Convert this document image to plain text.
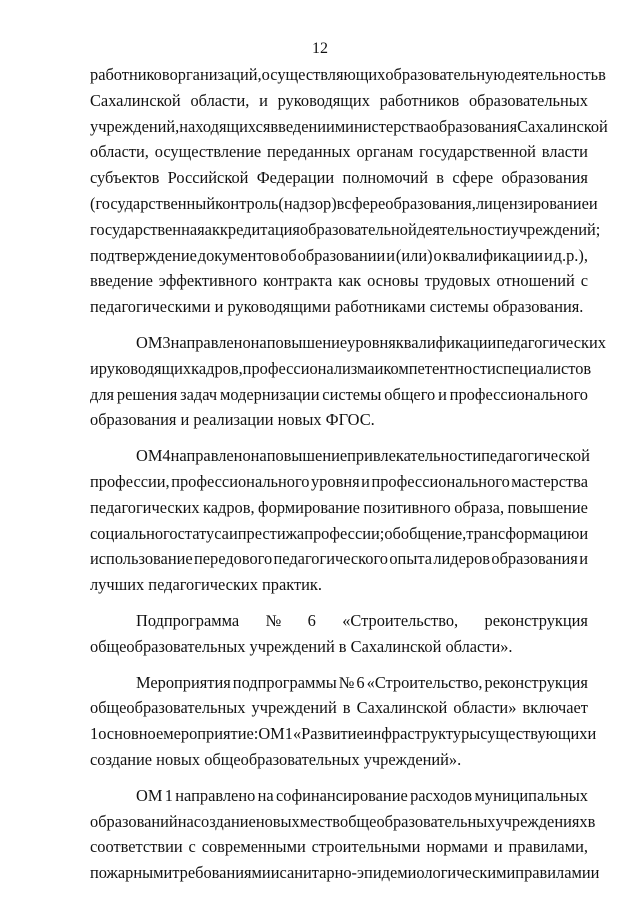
12
работников организаций, осуществляющих образовательную деятельность в
Сахалинской области, и руководящих работников образовательных
учреждений, находящихся в ведении министерства образования Сахалинской
области, осуществление переданных органам государственной власти
субъектов Российской Федерации полномочий в сфере образования
(государственный контроль (надзор) в сфере образования, лицензирование и
государственная аккредитация образовательной деятельности учреждений;
подтверждение документов об образовании и (или) о квалификации и д.р.),
введение эффективного контракта как основы трудовых отношений с
педагогическими и руководящими работниками системы образования.
ОМ 3 направлено на повышение уровня квалификации педагогических
и руководящих кадров, профессионализма и компетентности специалистов
для решения задач модернизации системы общего и профессионального
образования и реализации новых ФГОС.
ОМ 4 направлено на повышение привлекательности педагогической
профессии, профессионального уровня и профессионального мастерства
педагогических кадров, формирование позитивного образа, повышение
социального статуса и престижа профессии; обобщение, трансформацию и
использование передового педагогического опыта лидеров образования и
лучших педагогических практик.
Подпрограмма № 6 «Строительство, реконструкция
общеобразовательных учреждений в Сахалинской области».
Мероприятия подпрограммы № 6 «Строительство, реконструкция
общеобразовательных учреждений в Сахалинской области» включает
1 основное мероприятие: ОМ 1 «Развитие инфраструктуры существующих и
создание новых общеобразовательных учреждений».
ОМ 1 направлено на софинансирование расходов муниципальных
образований на создание новых мест в общеобразовательных учреждениях в
соответствии с современными строительными нормами и правилами,
пожарными требованиями и санитарно-эпидемиологическими правилами и
